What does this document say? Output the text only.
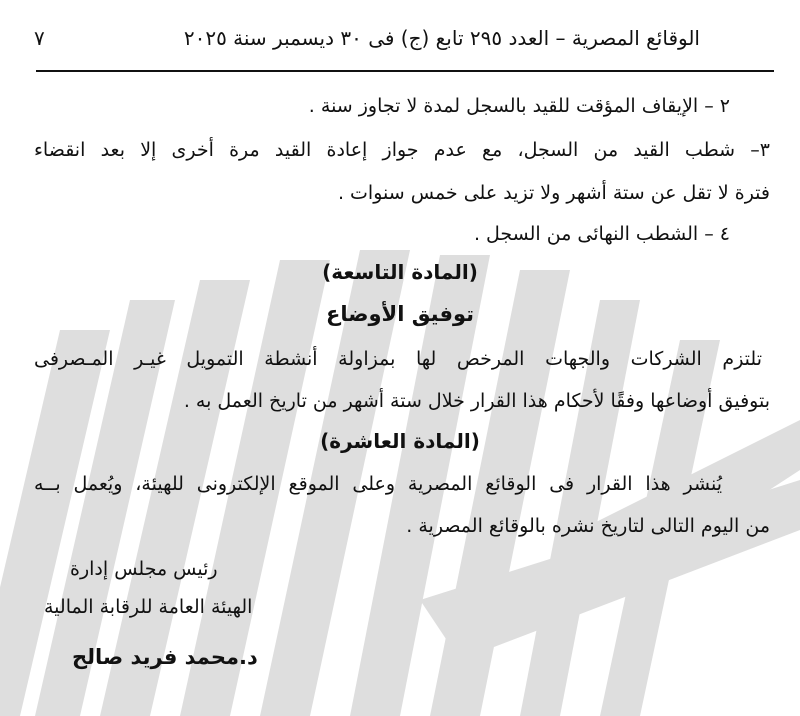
الوقائع المصرية – العدد ٢٩٥ تابع (ج) فى ٣٠ ديسمبر سنة ٢٠٢٥
٧
٢ – الإيقاف المؤقت للقيد بالسجل لمدة لا تجاوز سنة .
٣– شطب القيد من السجل، مع عدم جواز إعادة القيد مرة أخرى إلا بعد انقضاء
فترة لا تقل عن ستة أشهر ولا تزيد على خمس سنوات .
٤ – الشطب النهائى من السجل .
(المادة التاسعة)
توفيق الأوضاع
تلتزم الشركات والجهات المرخص لها بمزاولة أنشطة التمويل غيـر المـصرفى
بتوفيق أوضاعها وفقًا لأحكام هذا القرار خلال ستة أشهر من تاريخ العمل به .
(المادة العاشرة)
يُنشر هذا القرار فى الوقائع المصرية وعلى الموقع الإلكترونى للهيئة، ويُعمل بــه
من اليوم التالى لتاريخ نشره بالوقائع المصرية .
رئيس مجلس إدارة
الهيئة العامة للرقابة المالية
د.محمد فريد صالح
